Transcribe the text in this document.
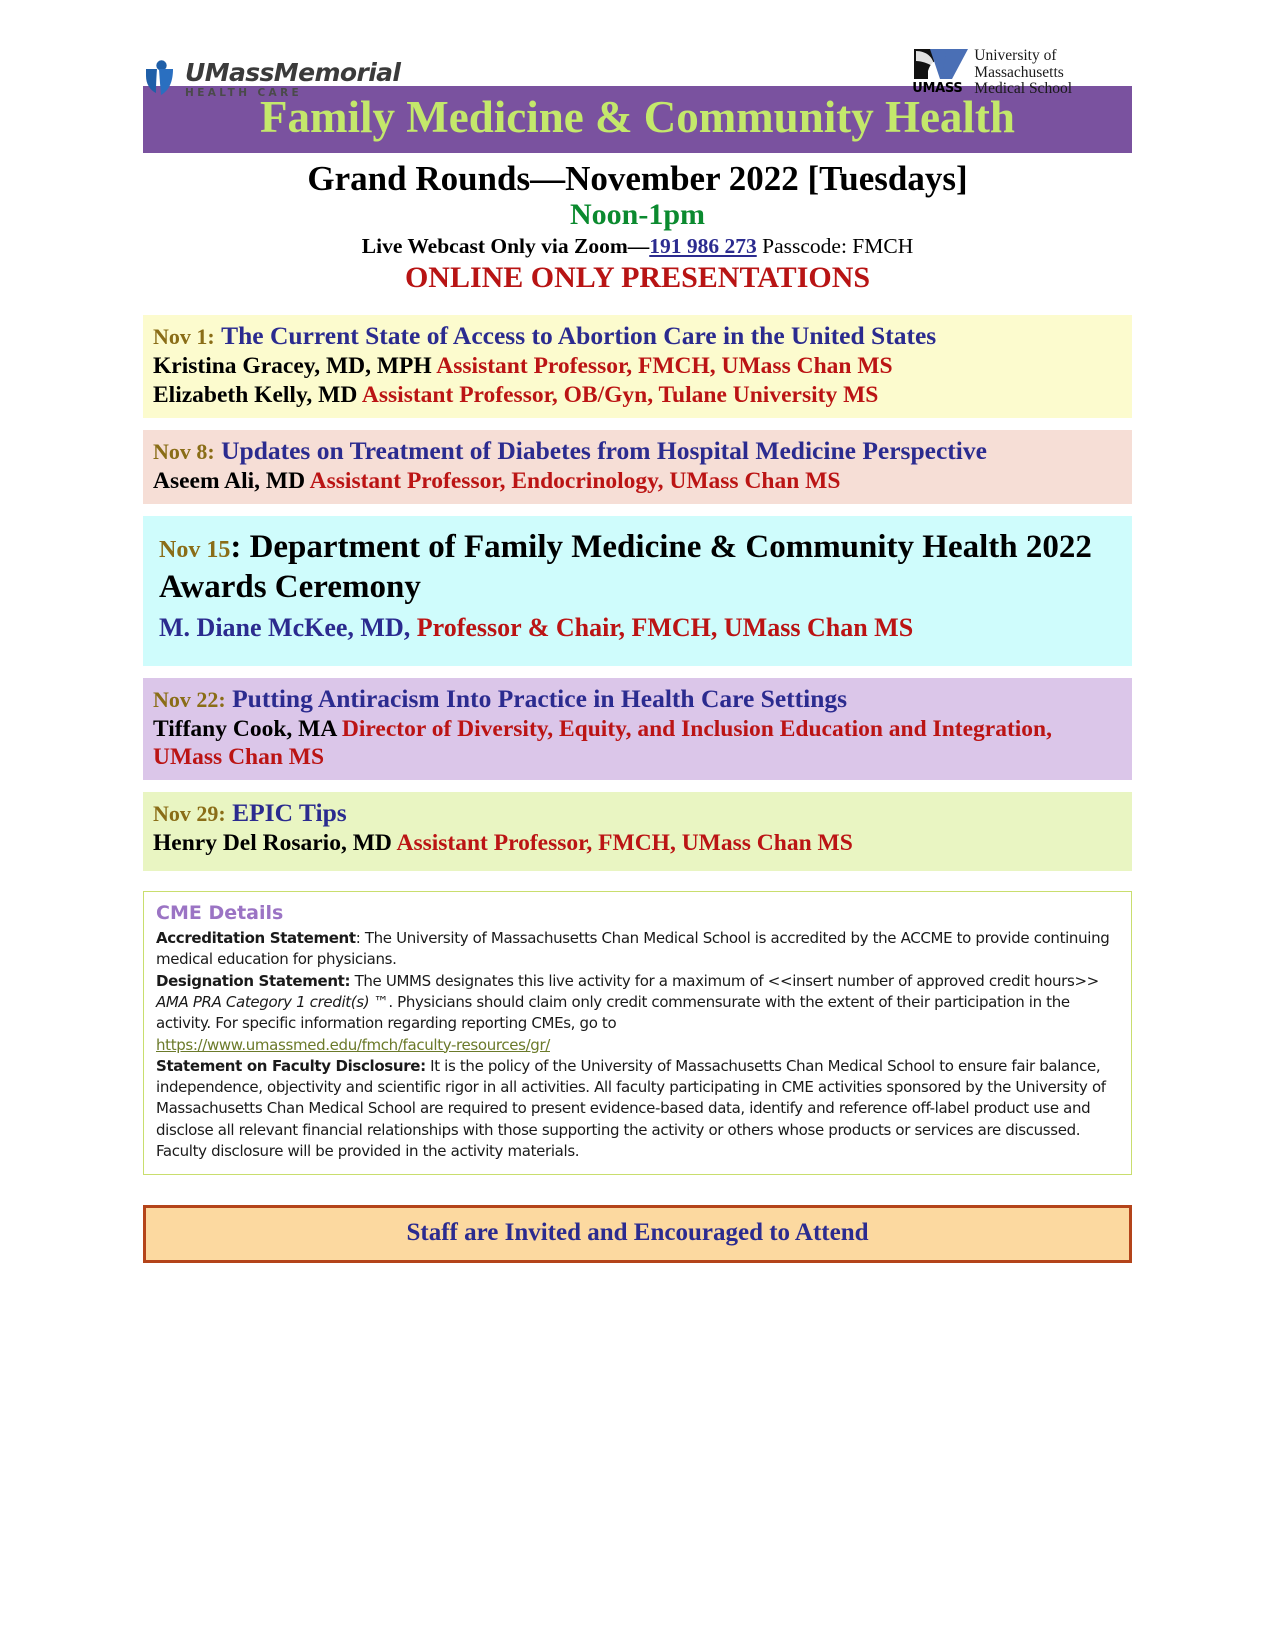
UMassMemorial
HEALTH CARE	UMASS
University of
Massachusetts
Medical School
Family Medicine & Community Health
Grand Rounds—November 2022 [Tuesdays]
Noon-1pm
Live Webcast Only via Zoom—191 986 273 Passcode: FMCH
ONLINE ONLY PRESENTATIONS
Nov 1: The Current State of Access to Abortion Care in the United States
Kristina Gracey, MD, MPH Assistant Professor, FMCH, UMass Chan MS
Elizabeth Kelly, MD Assistant Professor, OB/Gyn, Tulane University MS
Nov 8: Updates on Treatment of Diabetes from Hospital Medicine Perspective
Aseem Ali, MD Assistant Professor, Endocrinology, UMass Chan MS
Nov 15: Department of Family Medicine & Community Health 2022 Awards Ceremony
M. Diane McKee, MD, Professor & Chair, FMCH, UMass Chan MS
Nov 22: Putting Antiracism Into Practice in Health Care Settings
Tiffany Cook, MA Director of Diversity, Equity, and Inclusion Education and Integration, UMass Chan MS
Nov 29: EPIC Tips
Henry Del Rosario, MD Assistant Professor, FMCH, UMass Chan MS
CME Details

Accreditation Statement: The University of Massachusetts Chan Medical School is accredited by the ACCME to provide continuing medical education for physicians.

Designation Statement: The UMMS designates this live activity for a maximum of <<insert number of approved credit hours>> AMA PRA Category 1 credit(s) ™. Physicians should claim only credit commensurate with the extent of their participation in the activity. For specific information regarding reporting CMEs, go to
https://www.umassmed.edu/fmch/faculty-resources/gr/

Statement on Faculty Disclosure: It is the policy of the University of Massachusetts Chan Medical School to ensure fair balance, independence, objectivity and scientific rigor in all activities. All faculty participating in CME activities sponsored by the University of Massachusetts Chan Medical School are required to present evidence-based data, identify and reference off-label product use and disclose all relevant financial relationships with those supporting the activity or others whose products or services are discussed. Faculty disclosure will be provided in the activity materials.

Staff are Invited and Encouraged to Attend
